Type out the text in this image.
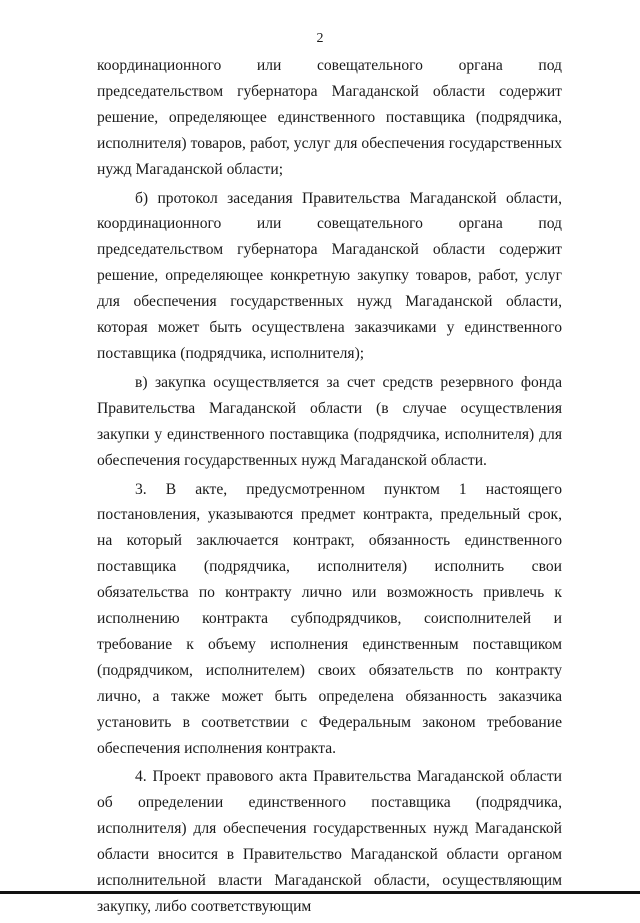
2

координационного или совещательного органа под председательством губернатора Магаданской области содержит решение, определяющее единственного поставщика (подрядчика, исполнителя) товаров, работ, услуг для обеспечения государственных нужд Магаданской области;

б) протокол заседания Правительства Магаданской области, координационного или совещательного органа под председательством губернатора Магаданской области содержит решение, определяющее конкретную закупку товаров, работ, услуг для обеспечения государственных нужд Магаданской области, которая может быть осуществлена заказчиками у единственного поставщика (подрядчика, исполнителя);

в) закупка осуществляется за счет средств резервного фонда Правительства Магаданской области (в случае осуществления закупки у единственного поставщика (подрядчика, исполнителя) для обеспечения государственных нужд Магаданской области.

3. В акте, предусмотренном пунктом 1 настоящего постановления, указываются предмет контракта, предельный срок, на который заключается контракт, обязанность единственного поставщика (подрядчика, исполнителя) исполнить свои обязательства по контракту лично или возможность привлечь к исполнению контракта субподрядчиков, соисполнителей и требование к объему исполнения единственным поставщиком (подрядчиком, исполнителем) своих обязательств по контракту лично, а также может быть определена обязанность заказчика установить в соответствии с Федеральным законом требование обеспечения исполнения контракта.

4. Проект правового акта Правительства Магаданской области об определении единственного поставщика (подрядчика, исполнителя) для обеспечения государственных нужд Магаданской области вносится в Правительство Магаданской области органом исполнительной власти Магаданской области, осуществляющим закупку, либо соответствующим
